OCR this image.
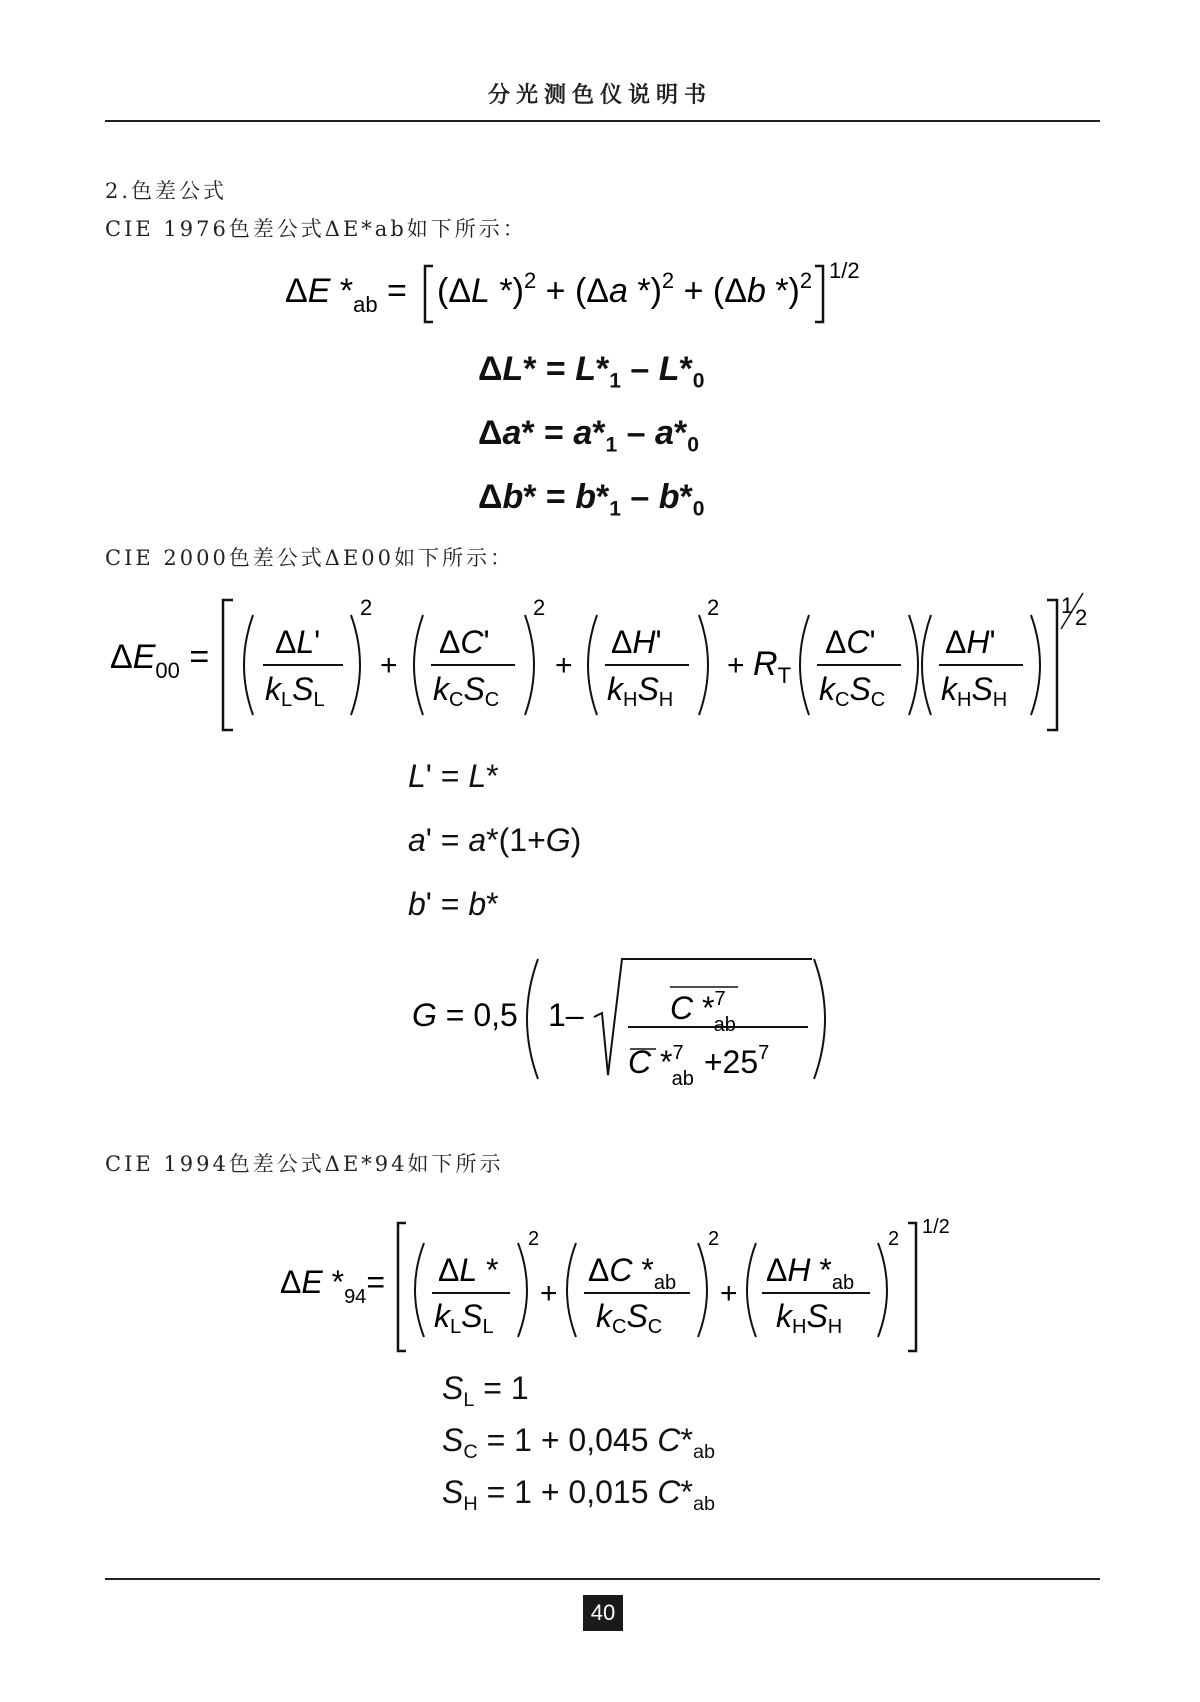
分光测色仪说明书
2.色差公式
CIE 1976色差公式ΔE*ab如下所示：
ΔE $*_{ab} = (\Delta L$ *)$^2$ + (Δa *)$^2$ + (Δb *)$^2$ 1/2
$\Delta L* = L*_1 - L*_0$
$\Delta a* = a*_1 - a*_0$
$\Delta b* = b*_1 - b*_0$
CIE 2000色差公式ΔE00如下所示：
$\Delta E_{00} = \Delta L'$
kLSL
2
+
ΔC'
kCSC
2
+
ΔH'
kHSH
2
+ $R_T$
ΔC'
kCSC
ΔH'
kHSH
1 2
L' = L*
a' = a*(1+G)
b' = b*
G = 0,5 1–	C *$^7$ ab
C *$^7$ ab $+25^7$
CIE 1994色差公式ΔE*94如下所示
ΔE $*_{94}= \Delta L$ *
kLSL
2
+
ΔC $*_{ab}$
kCSC
2
+
ΔH $*_{ab}$
kHSH
2
1/2
$S_L = 1$
$S_C = 1 + 0,045$ $C*_{ab}$
$S_H = 1 + 0,015$ $C*_{ab}$
40
